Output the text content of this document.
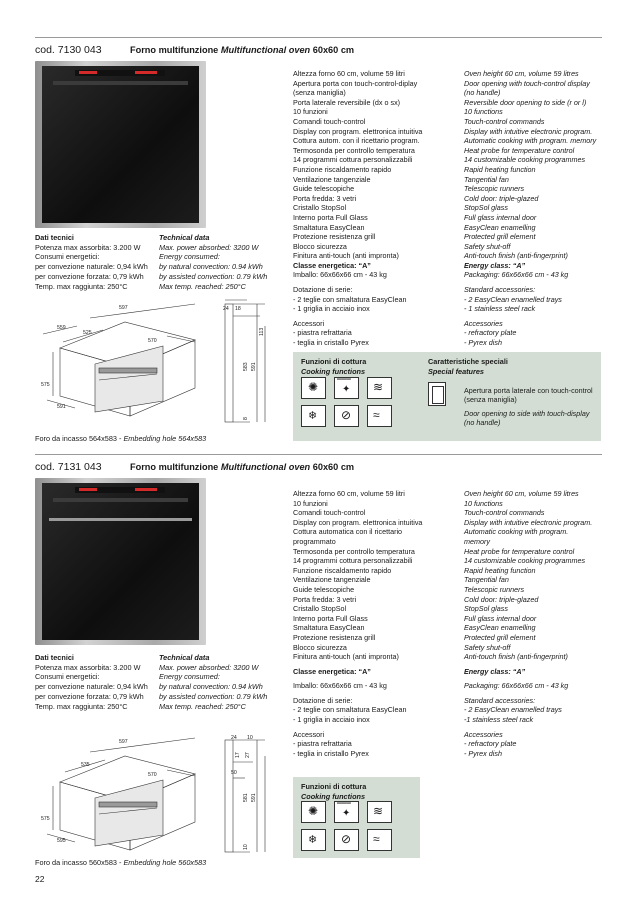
cod. 7130 043	Forno multifunzione Multifunctional oven 60x60 cm
Dati tecnici
Potenza max assorbita: 3.200 W
Consumi energetici:
per convezione naturale: 0,94 kWh
per convezione forzata: 0,79 kWh
Temp. max raggiunta: 250°C
Technical data
Max. power absorbed: 3200 W
Energy consumed:
by natural convection: 0.94 kWh
by assisted convection: 0.79 kWh
Max temp. reached: 250°C
597
559
525
570
575
591
24 18
113
583 591
8
Foro da incasso 564x583 - Embedding hole 564x583
Altezza forno 60 cm, volume 59 litri
Apertura porta con touch-control-diplay
(senza maniglia)
Porta laterale reversibile (dx o sx)
10 funzioni
Comandi touch-control
Display con program. elettronica intuitiva
Cottura autom. con il ricettario program.
Termosonda per controllo temperatura
14 programmi cottura personalizzabili
Funzione riscaldamento rapido
Ventilazione tangenziale
Guide telescopiche
Porta fredda: 3 vetri
Cristallo StopSol
Interno porta Full Glass
Smaltatura EasyClean
Protezione resistenza grill
Blocco sicurezza
Finitura anti-touch (anti impronta)
Classe energetica: “A”
Imballo: 66x66x66 cm - 43 kg
Dotazione di serie:
- 2 teglie con smaltatura EasyClean
- 1 griglia in acciaio inox
Accessori
- piastra refrattaria
- teglia in cristallo Pyrex
Oven height 60 cm, volume 59 litres
Door opening with touch-control display
(no handle)
Reversible door opening to side (r or l)
10 functions
Touch-control commands
Display with intuitive electronic program.
Automatic cooking with program. memory
Heat probe for temperature control
14 customizable cooking programmes
Rapid heating function
Tangential fan
Telescopic runners
Cold door: triple-glazed
StopSol glass
Full glass internal door
EasyClean enamelling
Protected grill element
Safety shut-off
Anti-touch finish (anti-fingerprint)
Energy class: “A”
Packaging: 66x66x66 cm - 43 kg
Standard accessories:
- 2 EasyClean enamelled trays
- 1 stainless steel rack
Accessories
- refractory plate
- Pyrex dish
Funzioni di cottura
Cooking functions
Caratteristiche speciali
Special features
Apertura porta laterale con touch-control
(senza maniglia)
Door opening to side with touch-display
(no handle)
✺	▔▔▔
✦ ≋
❄ ⊘ ≈
cod. 7131 043	Forno multifunzione Multifunctional oven 60x60 cm
Dati tecnici
Potenza max assorbita: 3.200 W
Consumi energetici:
per convezione naturale: 0,94 kWh
per convezione forzata: 0,79 kWh
Temp. max raggiunta: 250°C
Technical data
Max. power absorbed: 3200 W
Energy consumed:
by natural convection: 0.94 kWh
by assisted convection: 0.79 kWh
Max temp. reached: 250°C
597
535
570
575
595
24 10
17 27
50
581 591
10
Foro da incasso 560x583 - Embedding hole 560x583
Altezza forno 60 cm, volume 59 litri
10 funzioni
Comandi touch-control
Display con program. elettronica intuitiva
Cottura automatica con il ricettario
programmato
Termosonda per controllo temperatura
14 programmi cottura personalizzabili
Funzione riscaldamento rapido
Ventilazione tangenziale
Guide telescopiche
Porta fredda: 3 vetri
Cristallo StopSol
Interno porta Full Glass
Smaltatura EasyClean
Protezione resistenza grill
Blocco sicurezza
Finitura anti-touch (anti impronta)
Classe energetica: “A”
Imballo: 66x66x66 cm - 43 kg
Dotazione di serie:
- 2 teglie con smaltatura EasyClean
- 1 griglia in acciaio inox
Accessori
- piastra refrattaria
- teglia in cristallo Pyrex
Oven height 60 cm, volume 59 litres
10 functions
Touch-control commands
Display with intuitive electronic program.
Automatic cooking with program.
memory
Heat probe for temperature control
14 customizable cooking programmes
Rapid heating function
Tangential fan
Telescopic runners
Cold door: triple-glazed
StopSol glass
Full glass internal door
EasyClean enamelling
Protected grill element
Safety shut-off
Anti-touch finish (anti-fingerprint)
Energy class: “A”
Packaging: 66x66x66 cm - 43 kg
Standard accessories:
- 2 EasyClean enamelled trays
-1 stainless steel rack
Accessories
- refractory plate
- Pyrex dish
Funzioni di cottura
Cooking functions
✺	▔▔▔
✦ ≋
❄ ⊘ ≈
22
